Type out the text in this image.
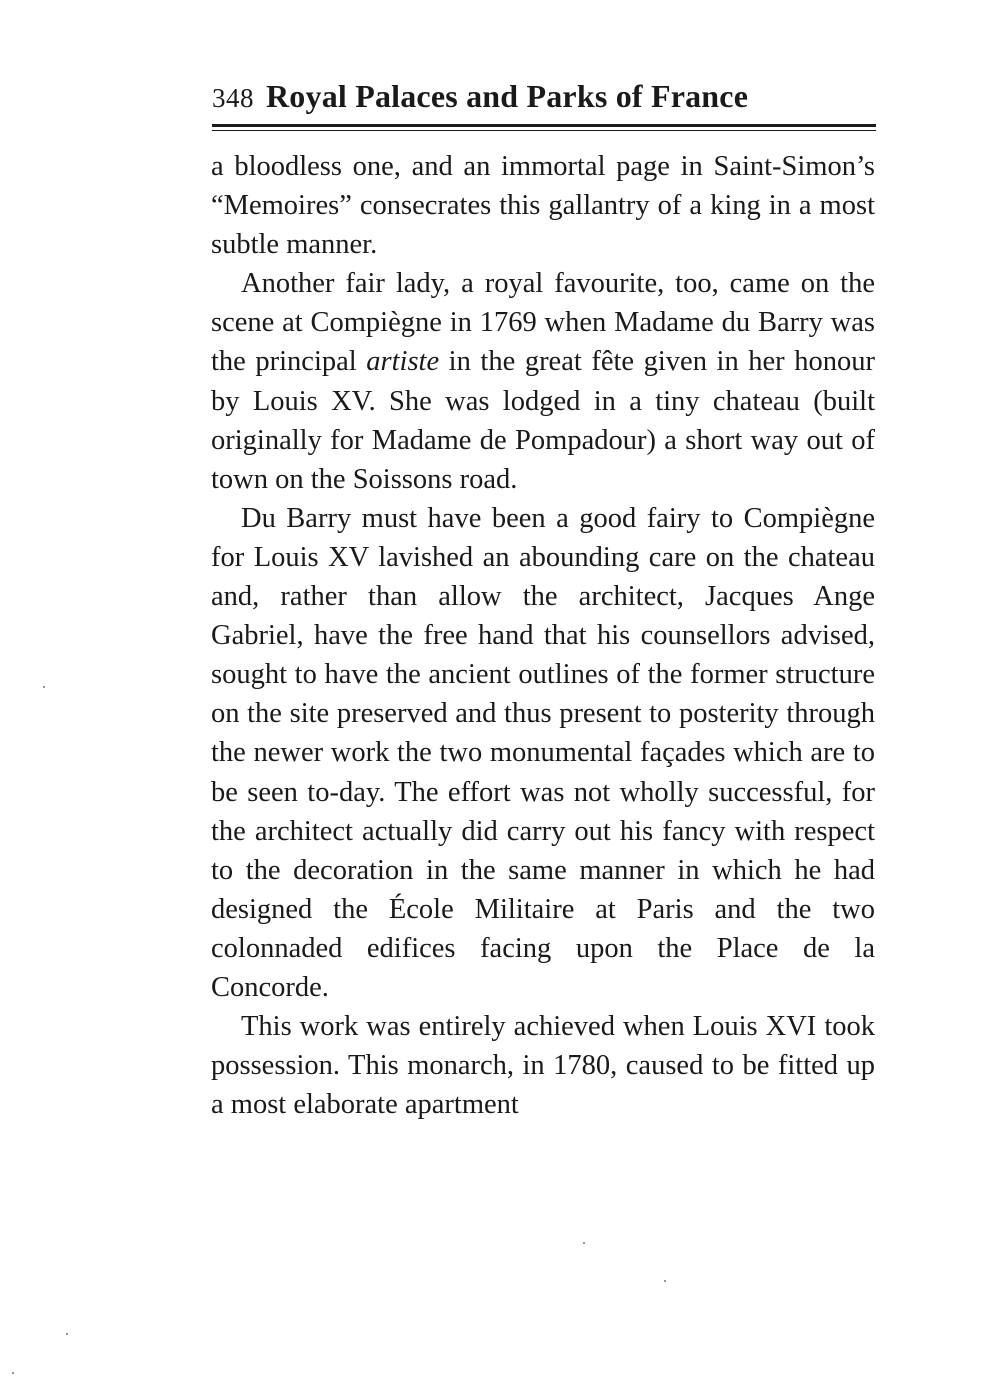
348 Royal Palaces and Parks of France

a bloodless one, and an immortal page in Saint-Simon’s “Memoires” consecrates this gallantry of a king in a most subtle manner.

Another fair lady, a royal favourite, too, came on the scene at Compiègne in 1769 when Madame du Barry was the principal artiste in the great fête given in her honour by Louis XV. She was lodged in a tiny chateau (built originally for Madame de Pompadour) a short way out of town on the Soissons road.

Du Barry must have been a good fairy to Compiègne for Louis XV lavished an abounding care on the chateau and, rather than allow the architect, Jacques Ange Gabriel, have the free hand that his counsellors advised, sought to have the ancient outlines of the former structure on the site preserved and thus present to posterity through the newer work the two monumental façades which are to be seen to-day. The effort was not wholly successful, for the architect actually did carry out his fancy with respect to the decoration in the same manner in which he had designed the École Militaire at Paris and the two colonnaded edifices facing upon the Place de la Concorde.

This work was entirely achieved when Louis XVI took possession. This monarch, in 1780, caused to be fitted up a most elaborate apartment
